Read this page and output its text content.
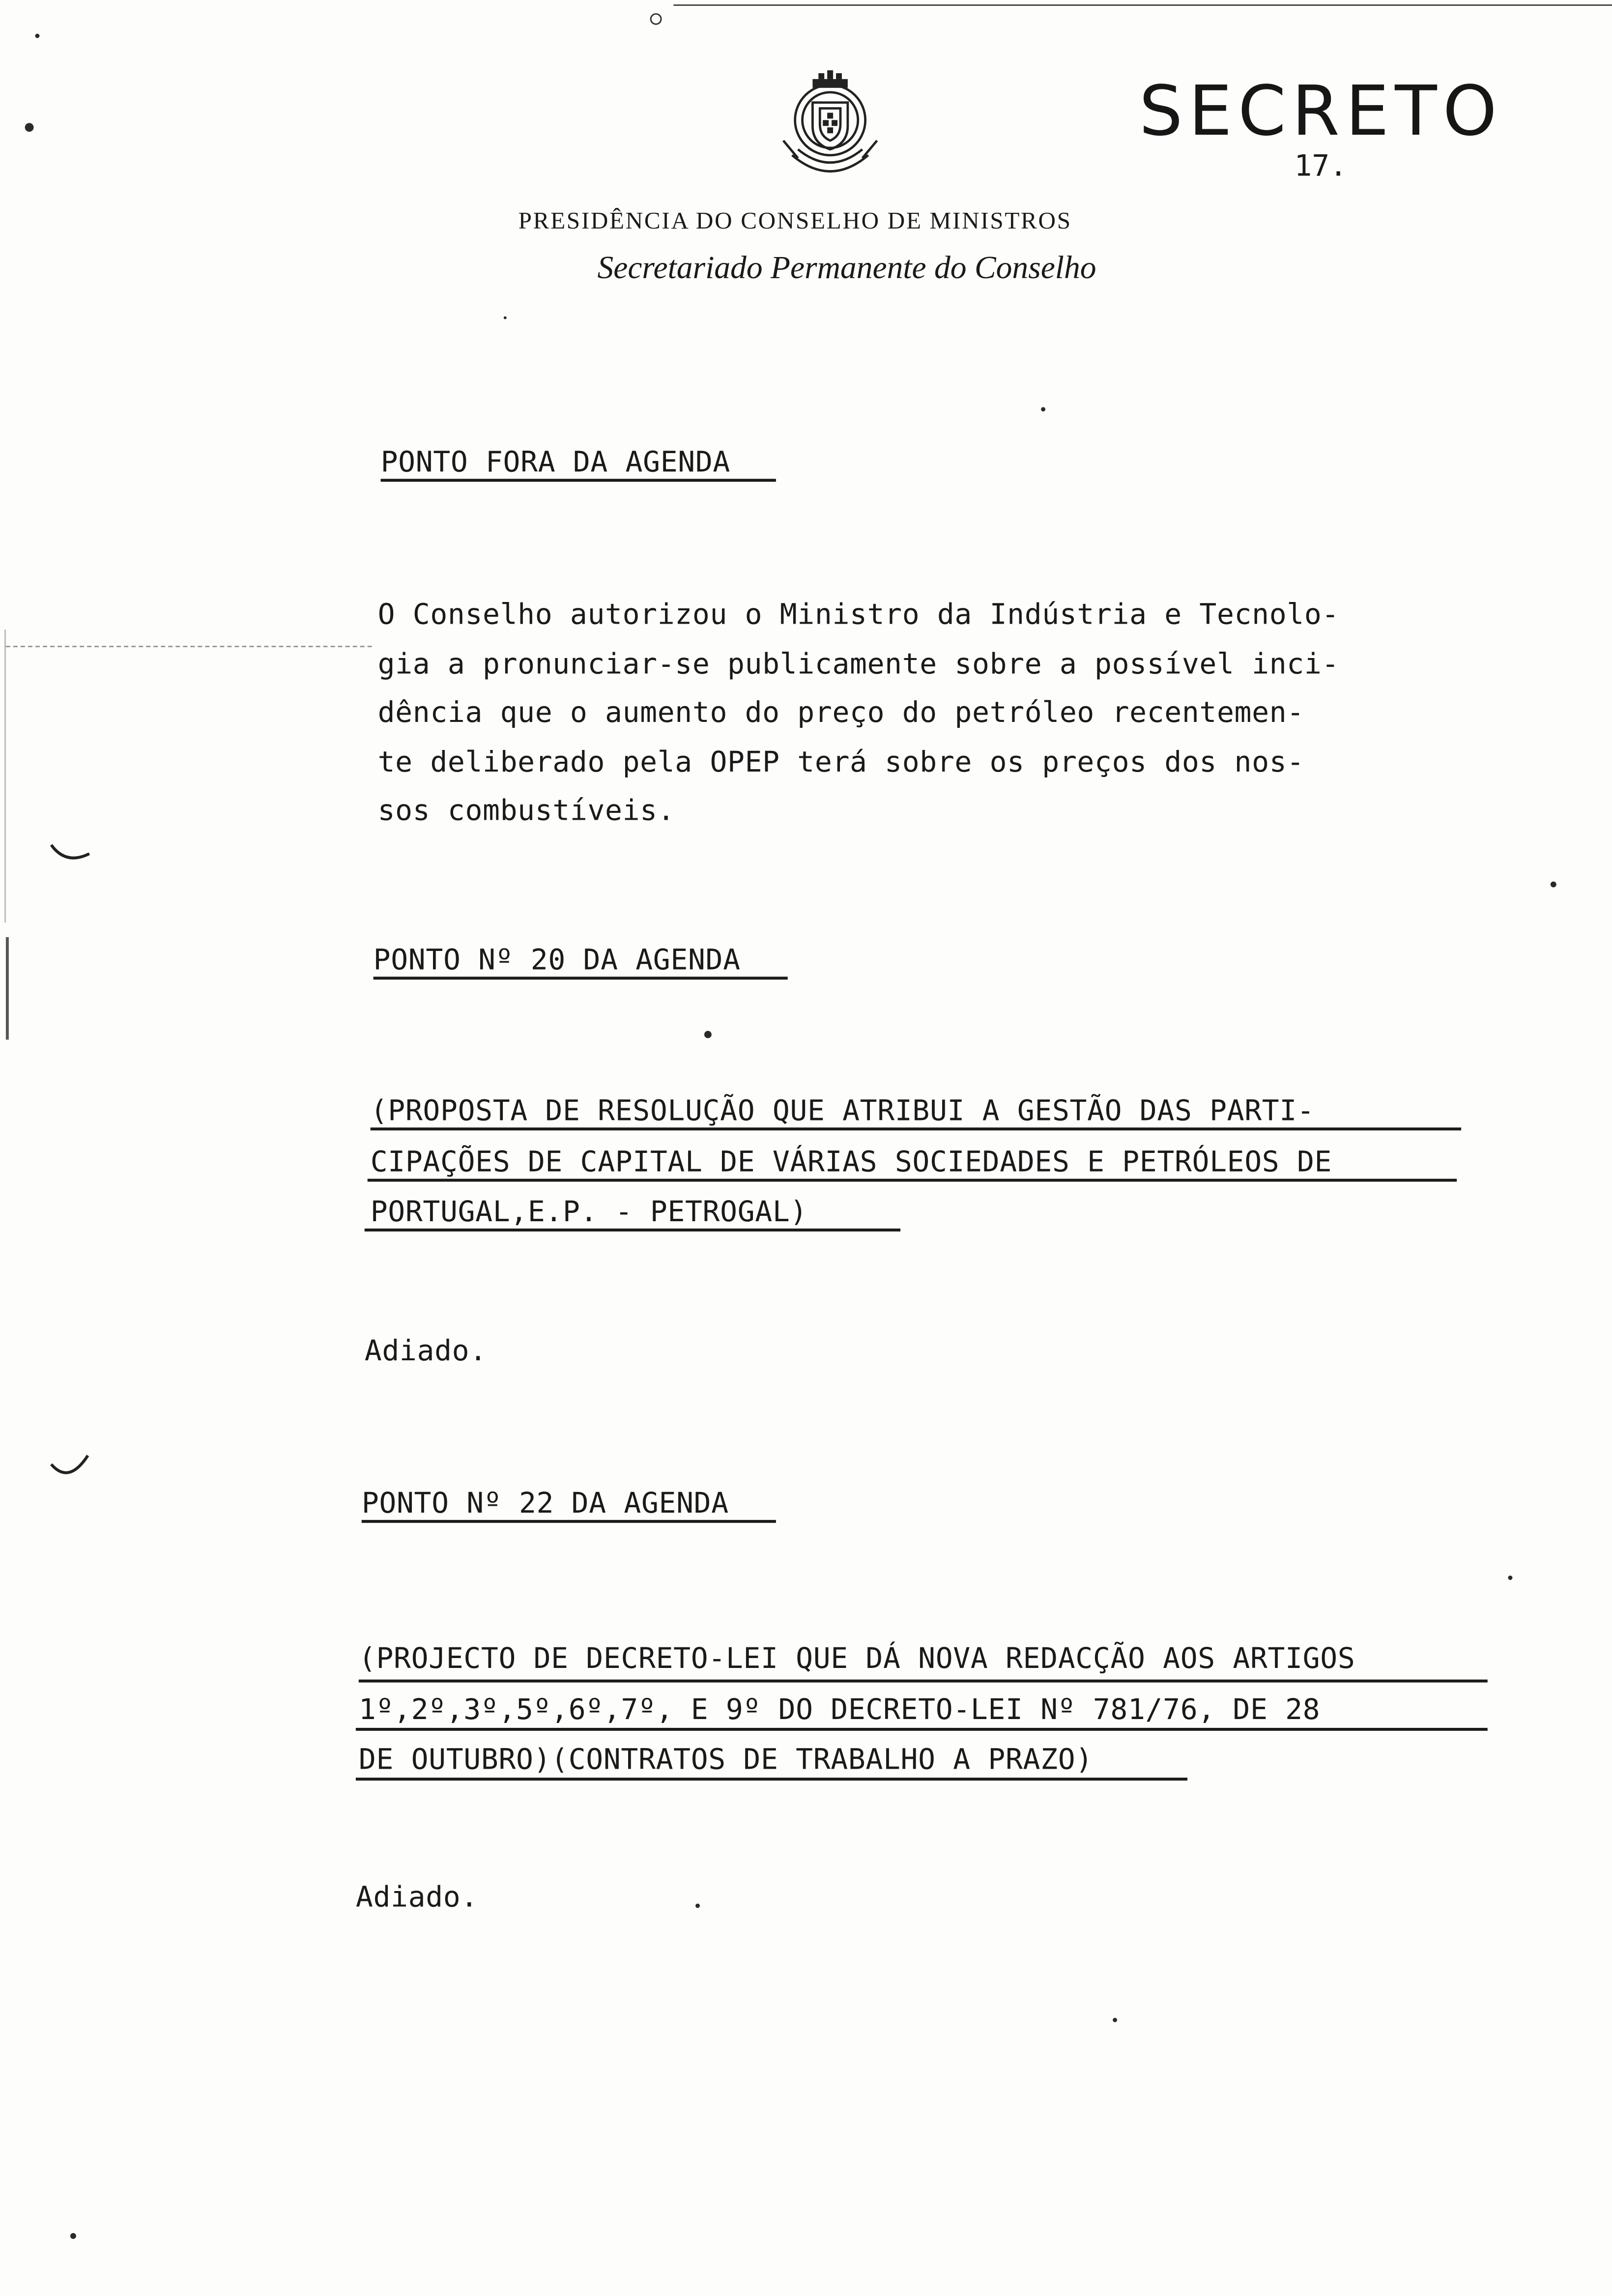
SECRETO
17.
PRESIDÊNCIA DO CONSELHO DE MINISTROS
Secretariado Permanente do Conselho
PONTO FORA DA AGENDA
O Conselho autorizou o Ministro da Indústria e Tecnolo-
gia a pronunciar-se publicamente sobre a possível inci-
dência que o aumento do preço do petróleo recentemen-
te deliberado pela OPEP terá sobre os preços dos nos-
sos combustíveis.
PONTO Nº 20 DA AGENDA
(PROPOSTA DE RESOLUÇÃO QUE ATRIBUI A GESTÃO DAS PARTI-
CIPAÇÕES DE CAPITAL DE VÁRIAS SOCIEDADES E PETRÓLEOS DE
PORTUGAL,E.P. - PETROGAL)
Adiado.
PONTO Nº 22 DA AGENDA
(PROJECTO DE DECRETO-LEI QUE DÁ NOVA REDACÇÃO AOS ARTIGOS
1º,2º,3º,5º,6º,7º, E 9º DO DECRETO-LEI Nº 781/76, DE 28
DE OUTUBRO)(CONTRATOS DE TRABALHO A PRAZO)
Adiado.
